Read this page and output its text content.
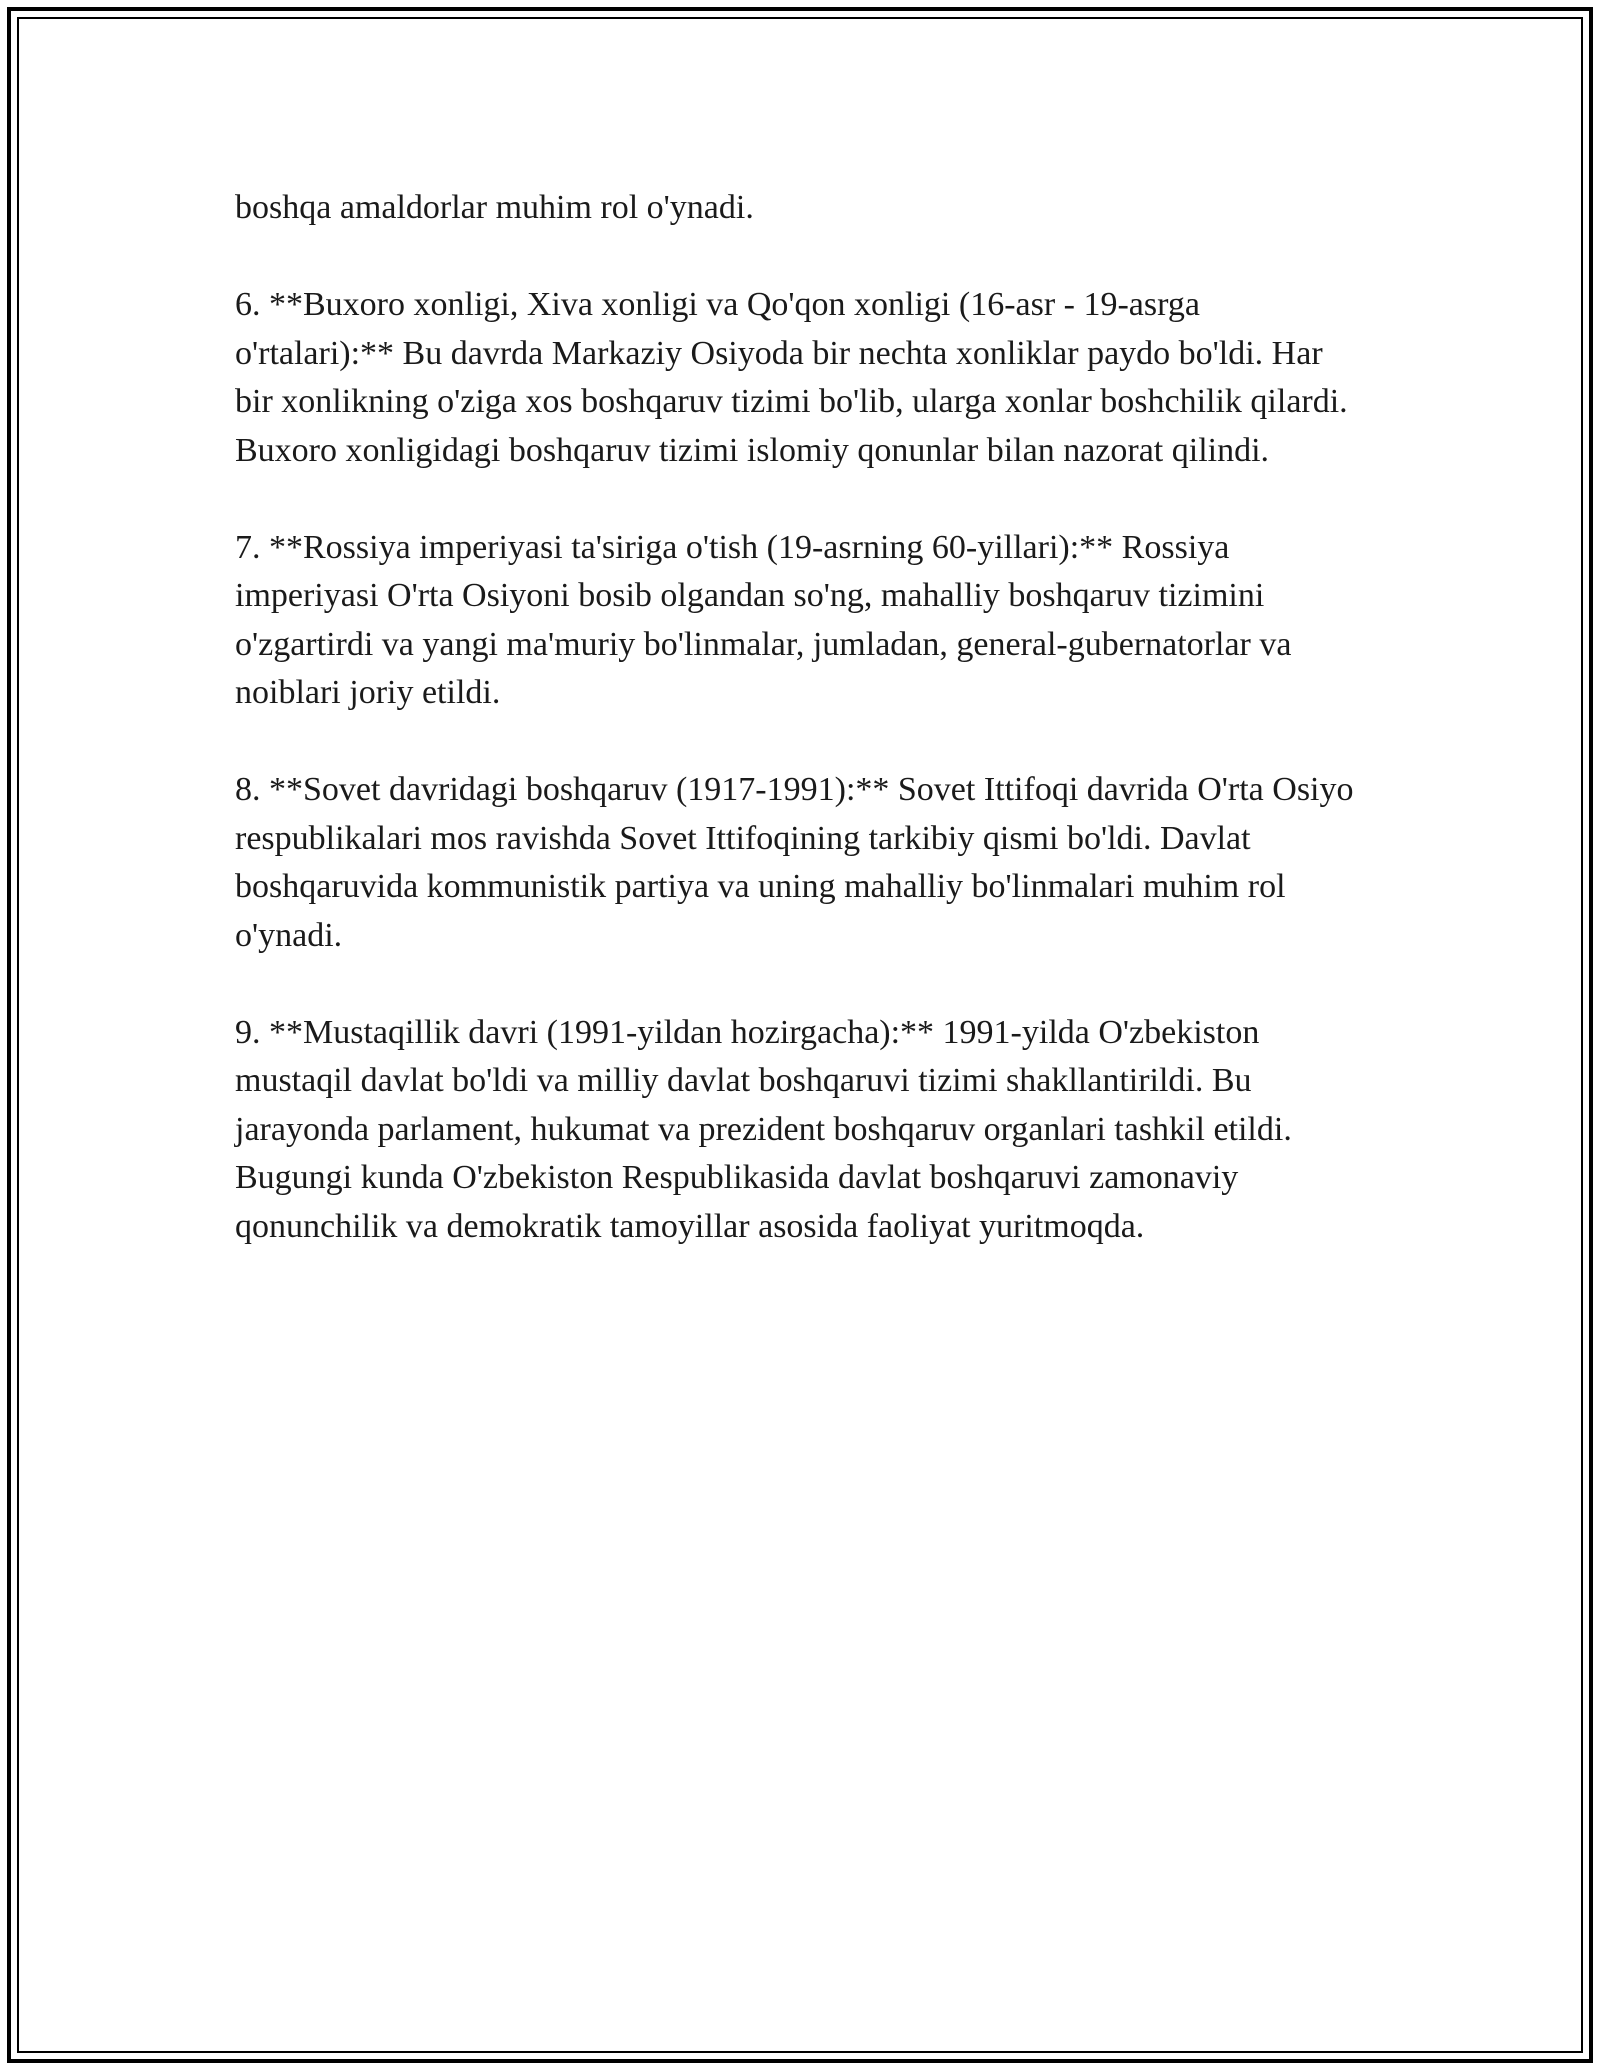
boshqa amaldorlar muhim rol o'ynadi.

6. **Buxoro xonligi, Xiva xonligi va Qo'qon xonligi (16-asr - 19-asrga o'rtalari):** Bu davrda Markaziy Osiyoda bir nechta xonliklar paydo bo'ldi. Har bir xonlikning o'ziga xos boshqaruv tizimi bo'lib, ularga xonlar boshchilik qilardi. Buxoro xonligidagi boshqaruv tizimi islomiy qonunlar bilan nazorat qilindi.

7. **Rossiya imperiyasi ta'siriga o'tish (19-asrning 60-yillari):** Rossiya imperiyasi O'rta Osiyoni bosib olgandan so'ng, mahalliy boshqaruv tizimini o'zgartirdi va yangi ma'muriy bo'linmalar, jumladan, general-gubernatorlar va noiblari joriy etildi.

8. **Sovet davridagi boshqaruv (1917-1991):** Sovet Ittifoqi davrida O'rta Osiyo respublikalari mos ravishda Sovet Ittifoqining tarkibiy qismi bo'ldi. Davlat boshqaruvida kommunistik partiya va uning mahalliy bo'linmalari muhim rol o'ynadi.

9. **Mustaqillik davri (1991-yildan hozirgacha):** 1991-yilda O'zbekiston mustaqil davlat bo'ldi va milliy davlat boshqaruvi tizimi shakllantirildi. Bu jarayonda parlament, hukumat va prezident boshqaruv organlari tashkil etildi. Bugungi kunda O'zbekiston Respublikasida davlat boshqaruvi zamonaviy qonunchilik va demokratik tamoyillar asosida faoliyat yuritmoqda.
